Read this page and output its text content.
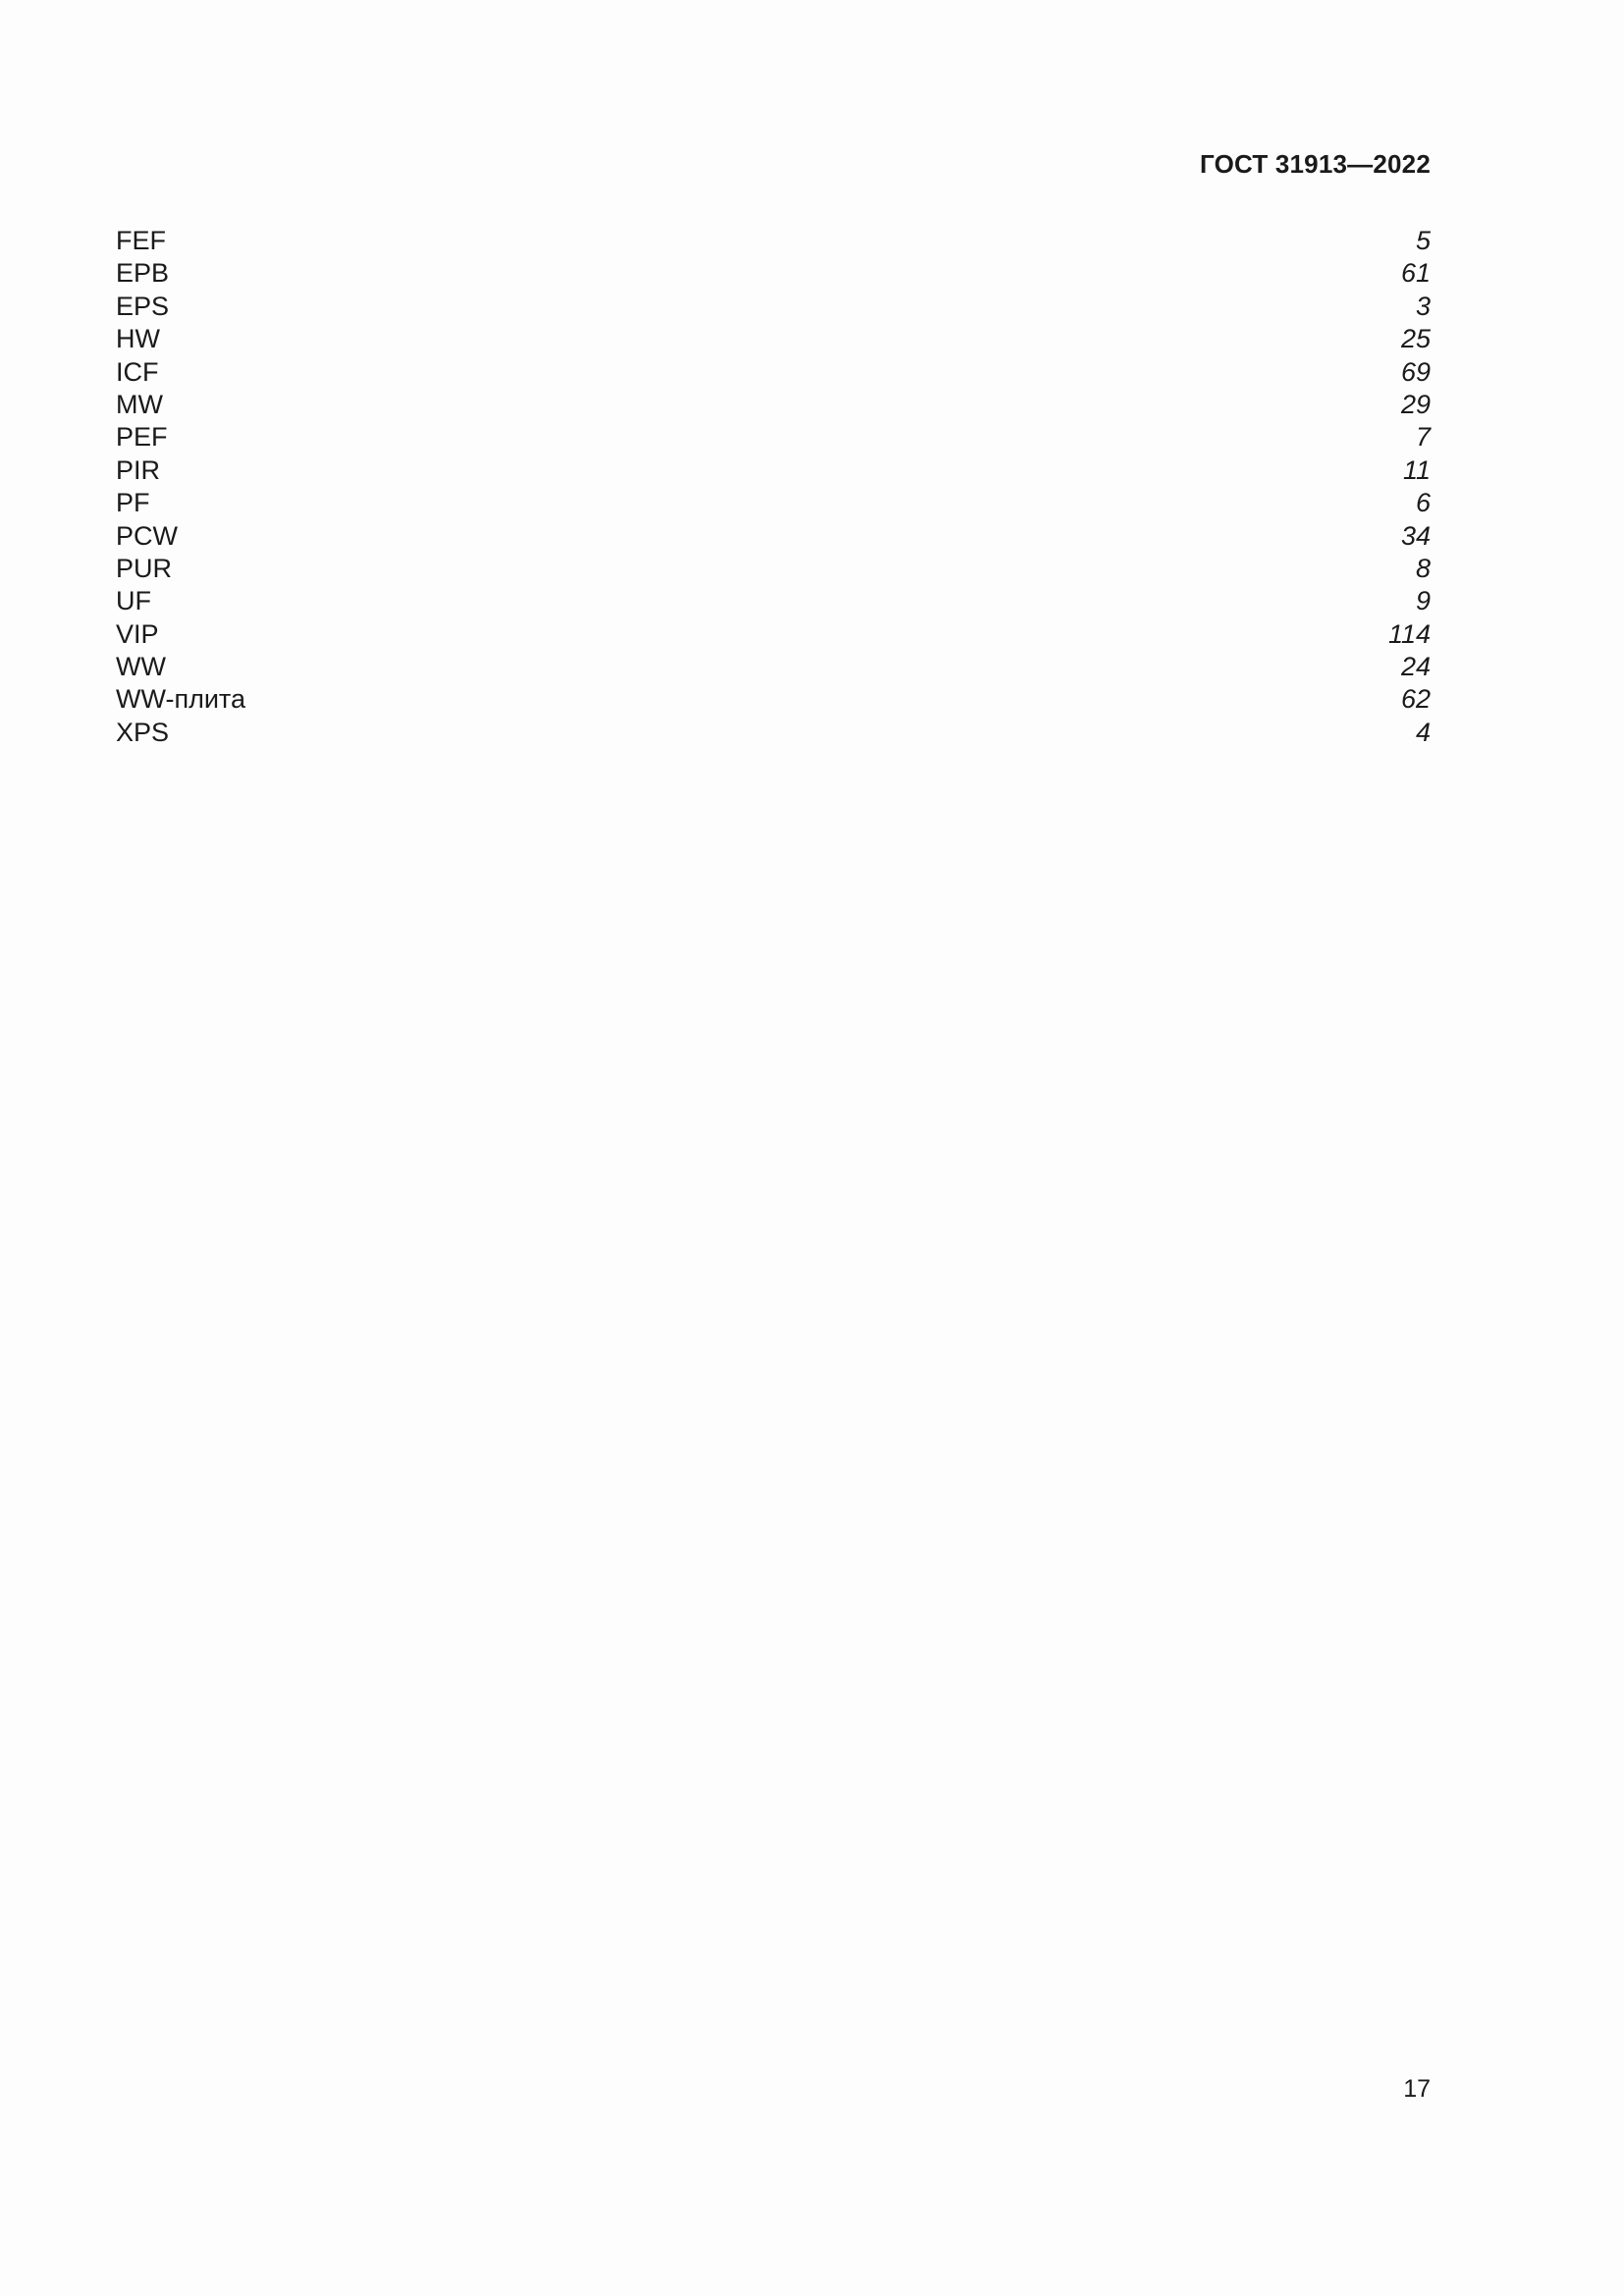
ГОСТ 31913—2022
FEF	5
EPB	61
EPS	3
HW	25
ICF	69
MW	29
PEF	7
PIR	11
PF	6
PCW	34
PUR	8
UF	9
VIP	114
WW	24
WW-плита	62
XPS	4
17
